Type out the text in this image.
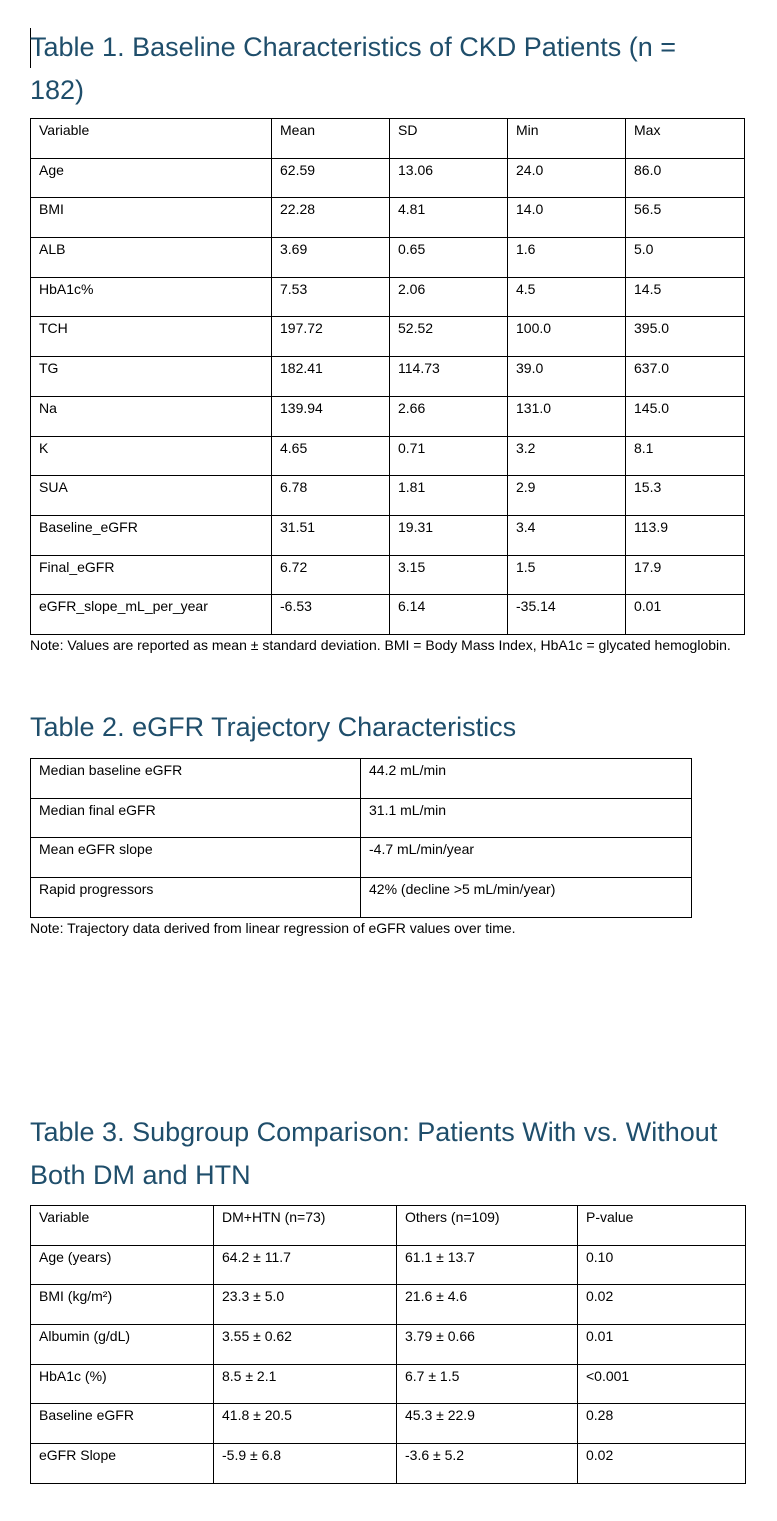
Table 1. Baseline Characteristics of CKD Patients (n = 182)
Variable	Mean	SD	Min	Max
Age	62.59	13.06	24.0	86.0
BMI	22.28	4.81	14.0	56.5
ALB	3.69	0.65	1.6	5.0
HbA1c%	7.53	2.06	4.5	14.5
TCH	197.72	52.52	100.0	395.0
TG	182.41	114.73	39.0	637.0
Na	139.94	2.66	131.0	145.0
K	4.65	0.71	3.2	8.1
SUA	6.78	1.81	2.9	15.3
Baseline_eGFR	31.51	19.31	3.4	113.9
Final_eGFR	6.72	3.15	1.5	17.9
eGFR_slope_mL_per_year	-6.53	6.14	-35.14	0.01

Note: Values are reported as mean ± standard deviation. BMI = Body Mass Index, HbA1c = glycated hemoglobin.

Table 2. eGFR Trajectory Characteristics
Median baseline eGFR	44.2 mL/min
Median final eGFR	31.1 mL/min
Mean eGFR slope	-4.7 mL/min/year
Rapid progressors	42% (decline >5 mL/min/year)

Note: Trajectory data derived from linear regression of eGFR values over time.

Table 3. Subgroup Comparison: Patients With vs. Without Both DM and HTN
Variable	DM+HTN (n=73)	Others (n=109)	P-value
Age (years)	64.2 ± 11.7	61.1 ± 13.7	0.10
BMI (kg/m²)	23.3 ± 5.0	21.6 ± 4.6	0.02
Albumin (g/dL)	3.55 ± 0.62	3.79 ± 0.66	0.01
HbA1c (%)	8.5 ± 2.1	6.7 ± 1.5	<0.001
Baseline eGFR	41.8 ± 20.5	45.3 ± 22.9	0.28
eGFR Slope	-5.9 ± 6.8	-3.6 ± 5.2	0.02
